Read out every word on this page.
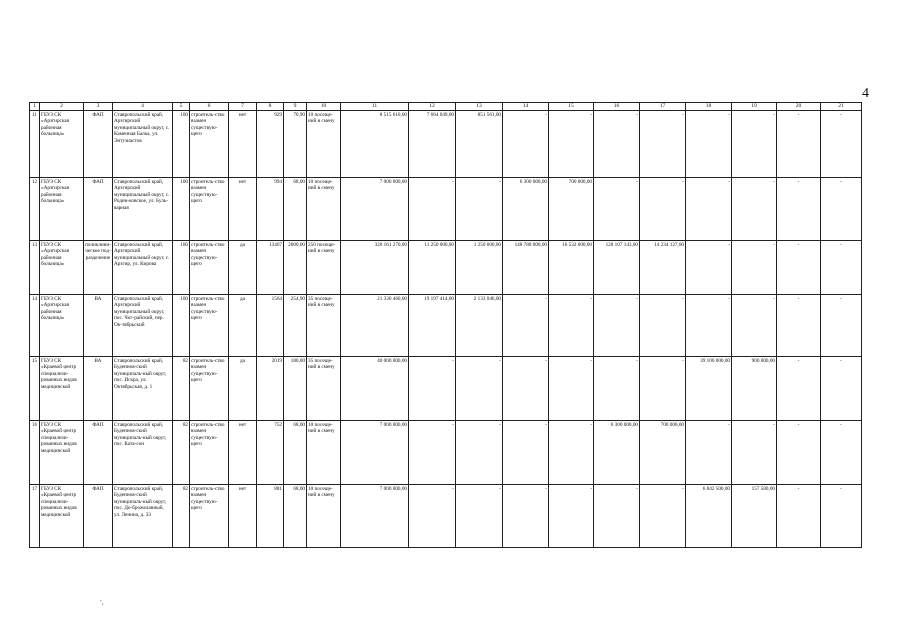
4
1	2	3	4	5	6	7	8	9	10	11	12	13	14	15	16	17	18	19	20	21
11	ГБУЗ СК «Арзгирская районная больница»	ФАП	Ставропольский край, Арзгирский муниципальный округ, с. Каменная Балка, ул. Энтузиастов	100	строитель-ство взамен существую-щего	нет	929	70,90	10 посеще-ний в смену	8 515 610,00	7 664 049,00	851 561,00	-	-	-	-	-	-	-	-
12	ГБУЗ СК «Арзгирская районная больница»	ФАП	Ставропольский край, Арзгирский муниципальный округ, с. Родни-ковское, ул. Буль-варная	100	строитель-ство взамен существую-щего	нет	994	68,00	10 посеще-ний в смену	7 000 000,00	-	-	6 300 000,00	700 000,00	-	-	-	-	-	-
13	ГБУЗ СК «Арзгирская районная больница»	поликлини-ческое под-разделение	Ставропольский край, Арзгирский муниципальный округ, с. Арзгир, ул. Кирова	100	строитель-ство взамен существую-щего	да	13467	2000,00	250 посеще-ний в смену	320 161 270,00	11 250 000,00	1 250 000,00	148 788 000,00	16 532 000,00	128 107 143,00	14 234 127,00	-	-	-	-
14	ГБУЗ СК «Арзгирская районная больница»	ВА	Ставропольский край, Арзгирский муниципальный округ, пос. Чог-райский, пер. Ок-тябрьский	100	строитель-ство взамен существую-щего	да	1564	254,90	35 посеще-ний в смену	21 330 460,00	19 197 414,00	2 133 046,00	-	-	-	-	-	-	-	-
15	ГБУЗ СК «Краевой центр специализи-рованных видов медицинской	ВА	Ставропольский край, Буденнов-ский муниципаль-ный округ, пос. Искра, ул. Октябрьская, д. 1	82	строитель-ство взамен существую-щего	да	2019	180,00	35 посеще-ний в смену	40 000 000,00	-	-	-	-	-	-	39 100 000,00	900 000,00	-	-
16	ГБУЗ СК «Краевой центр специализи-рованных видов медицинской	ФАП	Ставропольский край, Буденнов-ский муниципаль-ный округ, пос. Ката-сон	82	строитель-ство взамен существую-щего	нет	752	68,00	10 посеще-ний в смену	7 000 000,00	-	-	-	-	6 300 000,00	700 000,00	-	-	-	-
17	ГБУЗ СК «Краевой центр специализи-рованных видов медицинской	ФАП	Ставропольский край, Буденнов-ский муниципаль-ный округ, пос. До-брожеланный, ул. Ленина, д. 33	82	строитель-ство взамен существую-щего	нет	881	68,00	10 посеще-ний в смену	7 000 000,00	-	-	-	-	-	-	6 842 500,00	157 500,00	-	-
‘,
